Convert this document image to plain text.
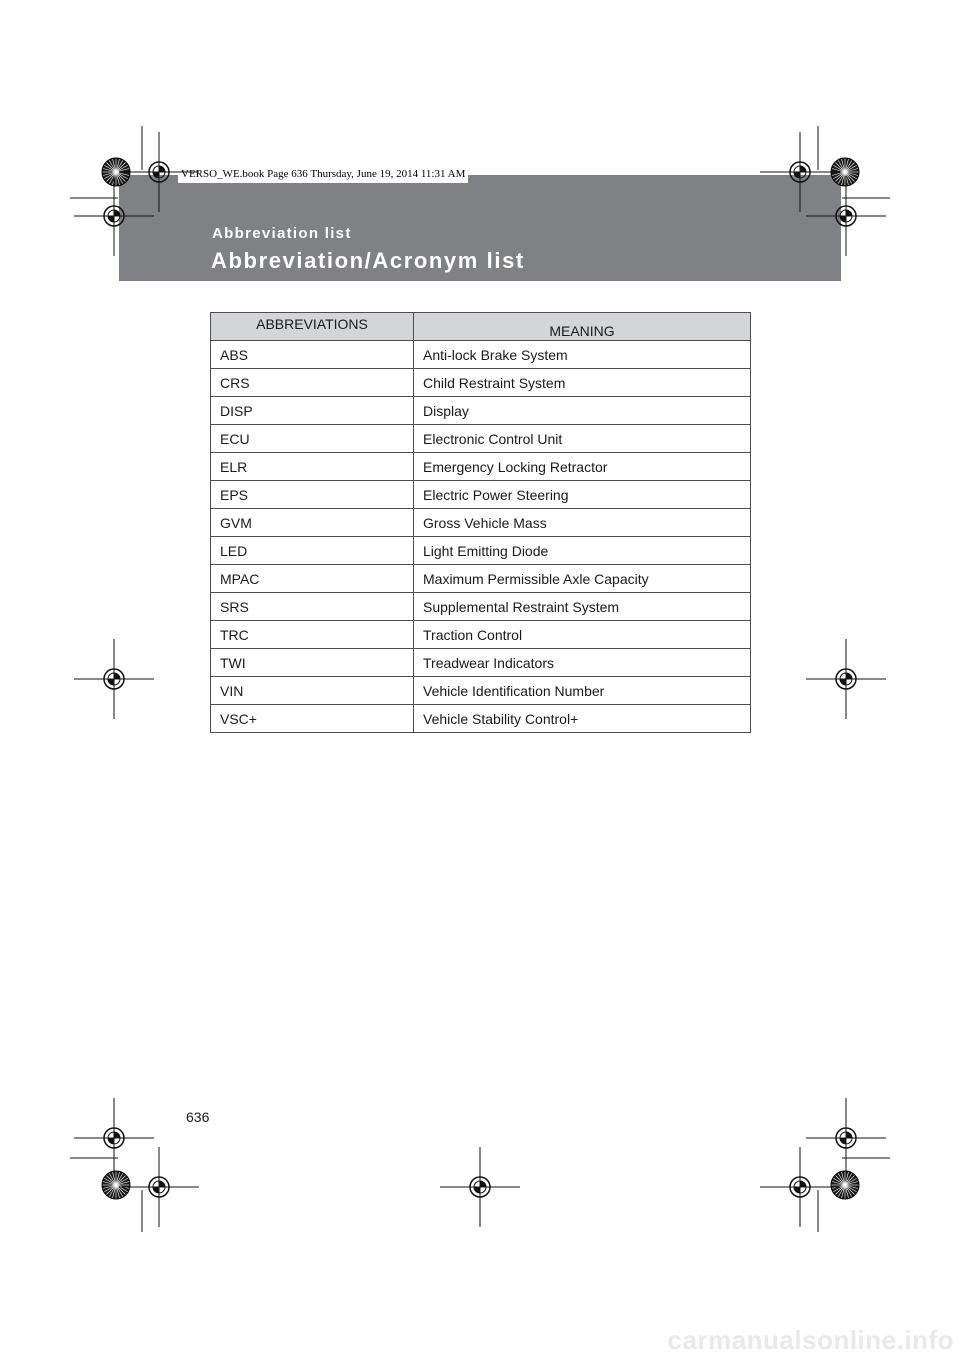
Abbreviation list
Abbreviation/Acronym list
VERSO_WE.book Page 636 Thursday, June 19, 2014 11:31 AM
ABBREVIATIONS	MEANING
ABS	Anti-lock Brake System
CRS	Child Restraint System
DISP	Display
ECU	Electronic Control Unit
ELR	Emergency Locking Retractor
EPS	Electric Power Steering
GVM	Gross Vehicle Mass
LED	Light Emitting Diode
MPAC	Maximum Permissible Axle Capacity
SRS	Supplemental Restraint System
TRC	Traction Control
TWI	Treadwear Indicators
VIN	Vehicle Identification Number
VSC+	Vehicle Stability Control+
636
carmanualsonline.info
